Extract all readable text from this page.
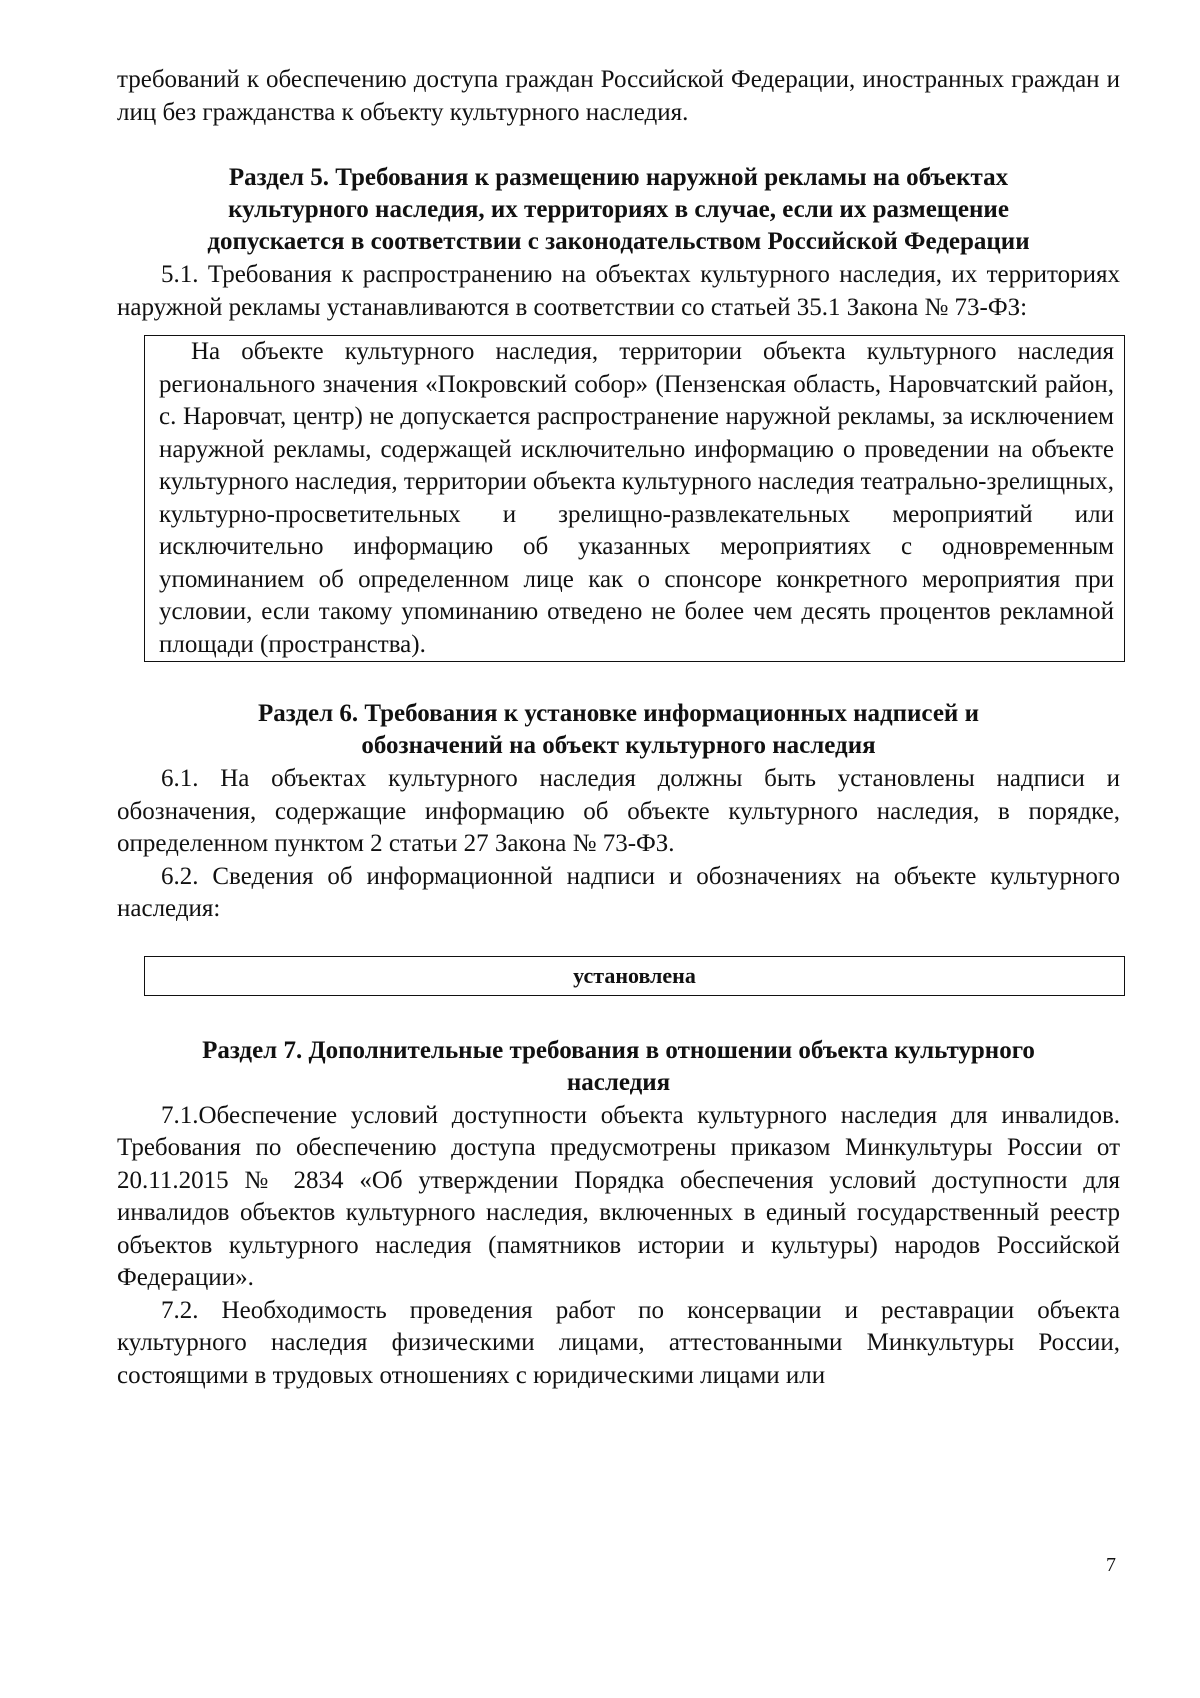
требований к обеспечению доступа граждан Российской Федерации, иностранных граждан и лиц без гражданства к объекту культурного наследия.

Раздел 5. Требования к размещению наружной рекламы на объектах
культурного наследия, их территориях в случае, если их размещение
допускается в соответствии с законодательством Российской Федерации

5.1. Требования к распространению на объектах культурного наследия, их территориях наружной рекламы устанавливаются в соответствии со статьей 35.1 Закона № 73-ФЗ:

На объекте культурного наследия, территории объекта культурного наследия регионального значения «Покровский собор» (Пензенская область, Наровчатский район, с. Наровчат, центр) не допускается распространение наружной рекламы, за исключением наружной рекламы, содержащей исключительно информацию о проведении на объекте культурного наследия, территории объекта культурного наследия театрально-зрелищных, культурно-просветительных и зрелищно-развлекательных мероприятий или исключительно информацию об указанных мероприятиях с одновременным упоминанием об определенном лице как о спонсоре конкретного мероприятия при условии, если такому упоминанию отведено не более чем десять процентов рекламной площади (пространства).

Раздел 6. Требования к установке информационных надписей и
обозначений на объект культурного наследия

6.1. На объектах культурного наследия должны быть установлены надписи и обозначения, содержащие информацию об объекте культурного наследия, в порядке, определенном пунктом 2 статьи 27 Закона № 73-ФЗ.

6.2. Сведения об информационной надписи и обозначениях на объекте культурного наследия:

установлена

Раздел 7. Дополнительные требования в отношении объекта культурного
наследия

7.1.Обеспечение условий доступности объекта культурного наследия для инвалидов. Требования по обеспечению доступа предусмотрены приказом Минкультуры России от 20.11.2015 № 2834 «Об утверждении Порядка обеспечения условий доступности для инвалидов объектов культурного наследия, включенных в единый государственный реестр объектов культурного наследия (памятников истории и культуры) народов Российской Федерации».

7.2. Необходимость проведения работ по консервации и реставрации объекта культурного наследия физическими лицами, аттестованными Минкультуры России, состоящими в трудовых отношениях с юридическими лицами или

7
